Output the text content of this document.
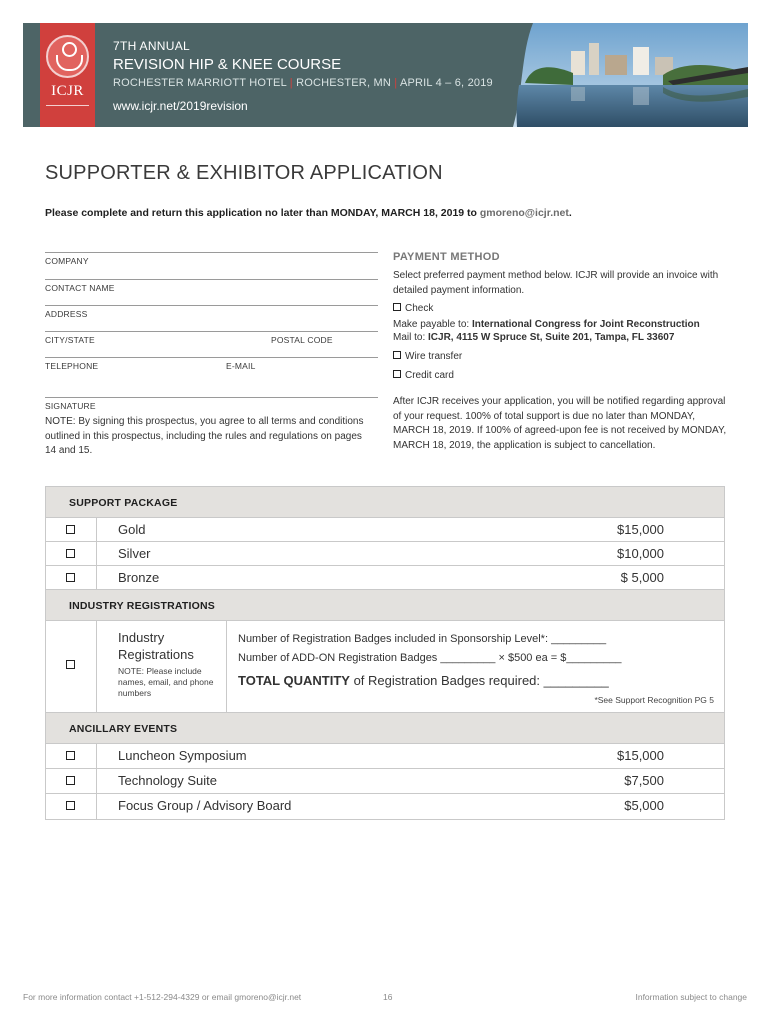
ICJR
7TH ANNUAL
REVISION HIP & KNEE COURSE
ROCHESTER MARRIOTT HOTEL | ROCHESTER, MN | APRIL 4 – 6, 2019
www.icjr.net/2019revision
SUPPORTER & EXHIBITOR APPLICATION
Please complete and return this application no later than MONDAY, MARCH 18, 2019 to gmoreno@icjr.net.
COMPANY
CONTACT NAME
ADDRESS
CITY/STATE	POSTAL CODE
TELEPHONE	E-MAIL
SIGNATURE
NOTE: By signing this prospectus, you agree to all terms and conditions outlined in this prospectus, including the rules and regulations on pages 14 and 15.
PAYMENT METHOD
Select preferred payment method below. ICJR will provide an invoice with detailed payment information.
Check
Make payable to: International Congress for Joint Reconstruction
Mail to: ICJR, 4115 W Spruce St, Suite 201, Tampa, FL 33607
Wire transfer
Credit card
After ICJR receives your application, you will be notified regarding approval of your request. 100% of total support is due no later than MONDAY, MARCH 18, 2019. If 100% of agreed-upon fee is not received by MONDAY, MARCH 18, 2019, the application is subject to cancellation.
SUPPORT PACKAGE
Gold	$15,000
Silver	$10,000
Bronze	$ 5,000
INDUSTRY REGISTRATIONS
Industry Registrations
NOTE: Please include names, email, and phone numbers
Number of Registration Badges included in Sponsorship Level*: _________
Number of ADD-ON Registration Badges _________ × $500 ea = $_________
TOTAL QUANTITY of Registration Badges required: _________
*See Support Recognition PG 5
ANCILLARY EVENTS
Luncheon Symposium	$15,000
Technology Suite	$7,500
Focus Group / Advisory Board	$5,000
For more information contact +1-512-294-4329 or email gmoreno@icjr.net	16	Information subject to change
